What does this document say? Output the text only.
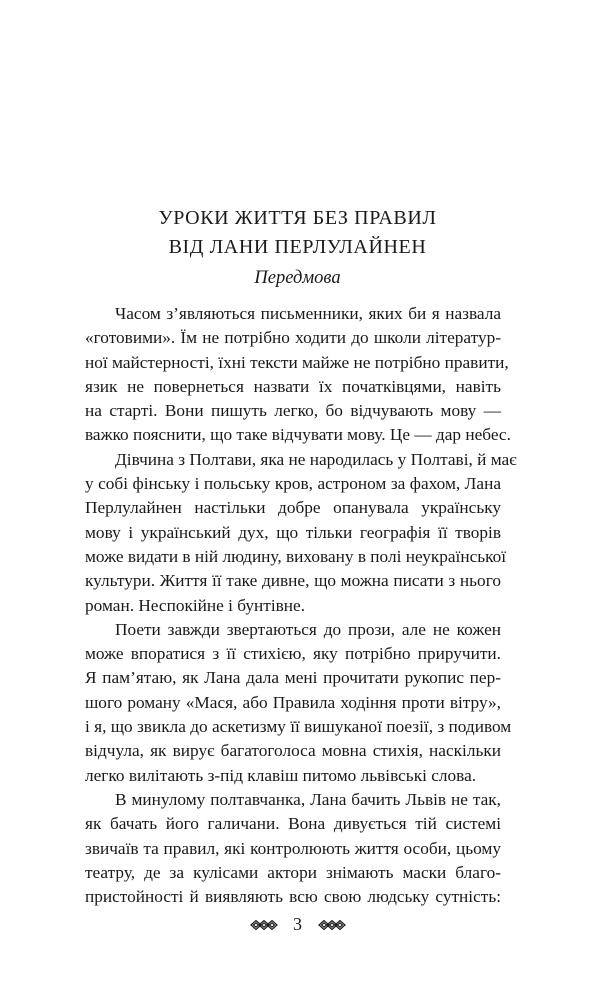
УРОКИ ЖИТТЯ БЕЗ ПРАВИЛ
ВІД ЛАНИ ПЕРЛУЛАЙНЕН
Передмова
Часом з’являються письменники, яких би я назвала
«готовими». Їм не потрібно ходити до школи літератур-
ної майстерності, їхні тексти майже не потрібно правити,
язик не повернеться назвати їх початківцями, навіть
на старті. Вони пишуть легко, бо відчувають мову —
важко пояснити, що таке відчувати мову. Це — дар небес.
Дівчина з Полтави, яка не народилась у Полтаві, й має
у собі фінську і польську кров, астроном за фахом, Лана
Перлулайнен настільки добре опанувала українську
мову і український дух, що тільки географія її творів
може видати в ній людину, виховану в полі неукраїнської
культури. Життя її таке дивне, що можна писати з нього
роман. Неспокійне і бунтівне.
Поети завжди звертаються до прози, але не кожен
може впоратися з її стихією, яку потрібно приручити.
Я пам’ятаю, як Лана дала мені прочитати рукопис пер-
шого роману «Мася, або Правила ходіння проти вітру»,
і я, що звикла до аскетизму її вишуканої поезії, з подивом
відчула, як вирує багатоголоса мовна стихія, наскільки
легко вилітають з-під клавіш питомо львівські слова.
В минулому полтавчанка, Лана бачить Львів не так,
як бачать його галичани. Вона дивується тій системі
звичаїв та правил, які контролюють життя особи, цьому
театру, де за кулісами актори знімають маски благо-
пристойності й виявляють всю свою людську сутність:
3
